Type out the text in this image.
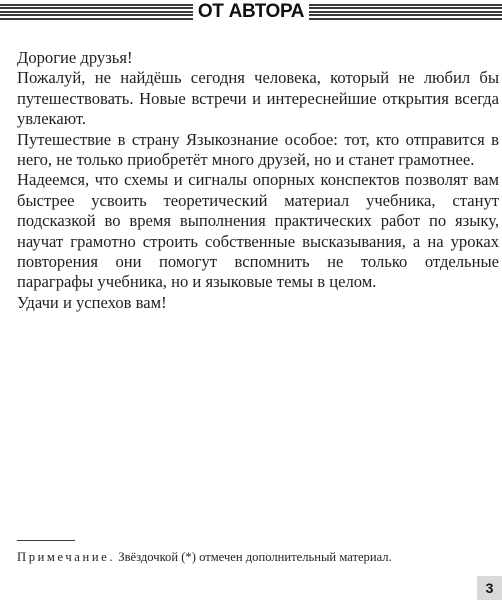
ОТ АВТОРА

Дорогие друзья!

Пожалуй, не найдёшь сегодня человека, который не любил бы путешествовать. Новые встречи и интереснейшие открытия всегда увлекают.

Путешествие в страну Языкознание особое: тот, кто отправится в него, не только приобретёт много друзей, но и станет грамотнее.

Надеемся, что схемы и сигналы опорных конспектов позволят вам быстрее усвоить теоретический материал учебника, станут подсказкой во время выполнения практических работ по языку, научат грамотно строить собственные высказывания, а на уроках повторения они помогут вспомнить не только отдельные параграфы учебника, но и языковые темы в целом.

Удачи и успехов вам!

Примечание. Звёздочкой (*) отмечен дополнительный материал.
3
